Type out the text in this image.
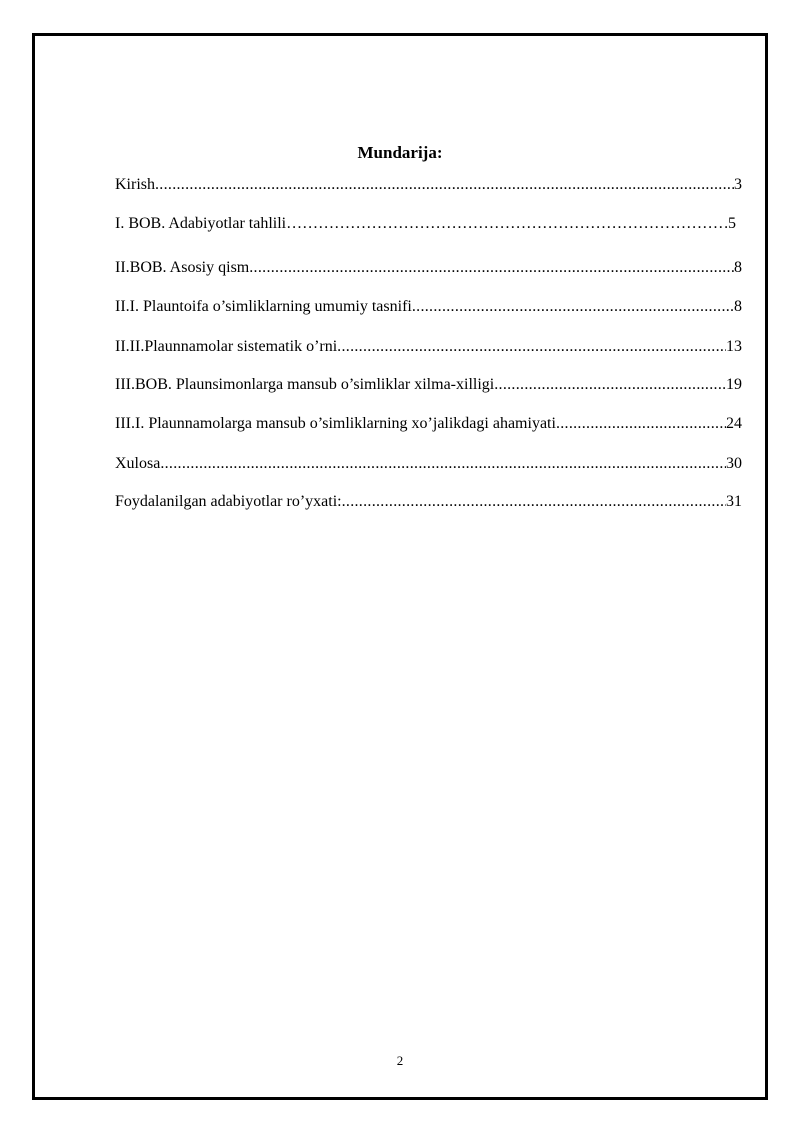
Mundarija:
Kirish .....	3
I. BOB. Adabiyotlar tahlili ………………………………………………………………………………………………………………………………………………………………………………………………	5
II.BOB. Asosiy qism .....	8
II.I. Plauntoifa o’simliklarning umumiy tasnifi .....	8
II.II.Plaunnamolar sistematik o’rni .....	13
III.BOB. Plaunsimonlarga mansub o’simliklar xilma-xilligi .....	19
III.I. Plaunnamolarga mansub o’simliklarning xo’jalikdagi ahamiyati .....	24
Xulosa .....	30
Foydalanilgan adabiyotlar ro’yxati: .....	31
2
